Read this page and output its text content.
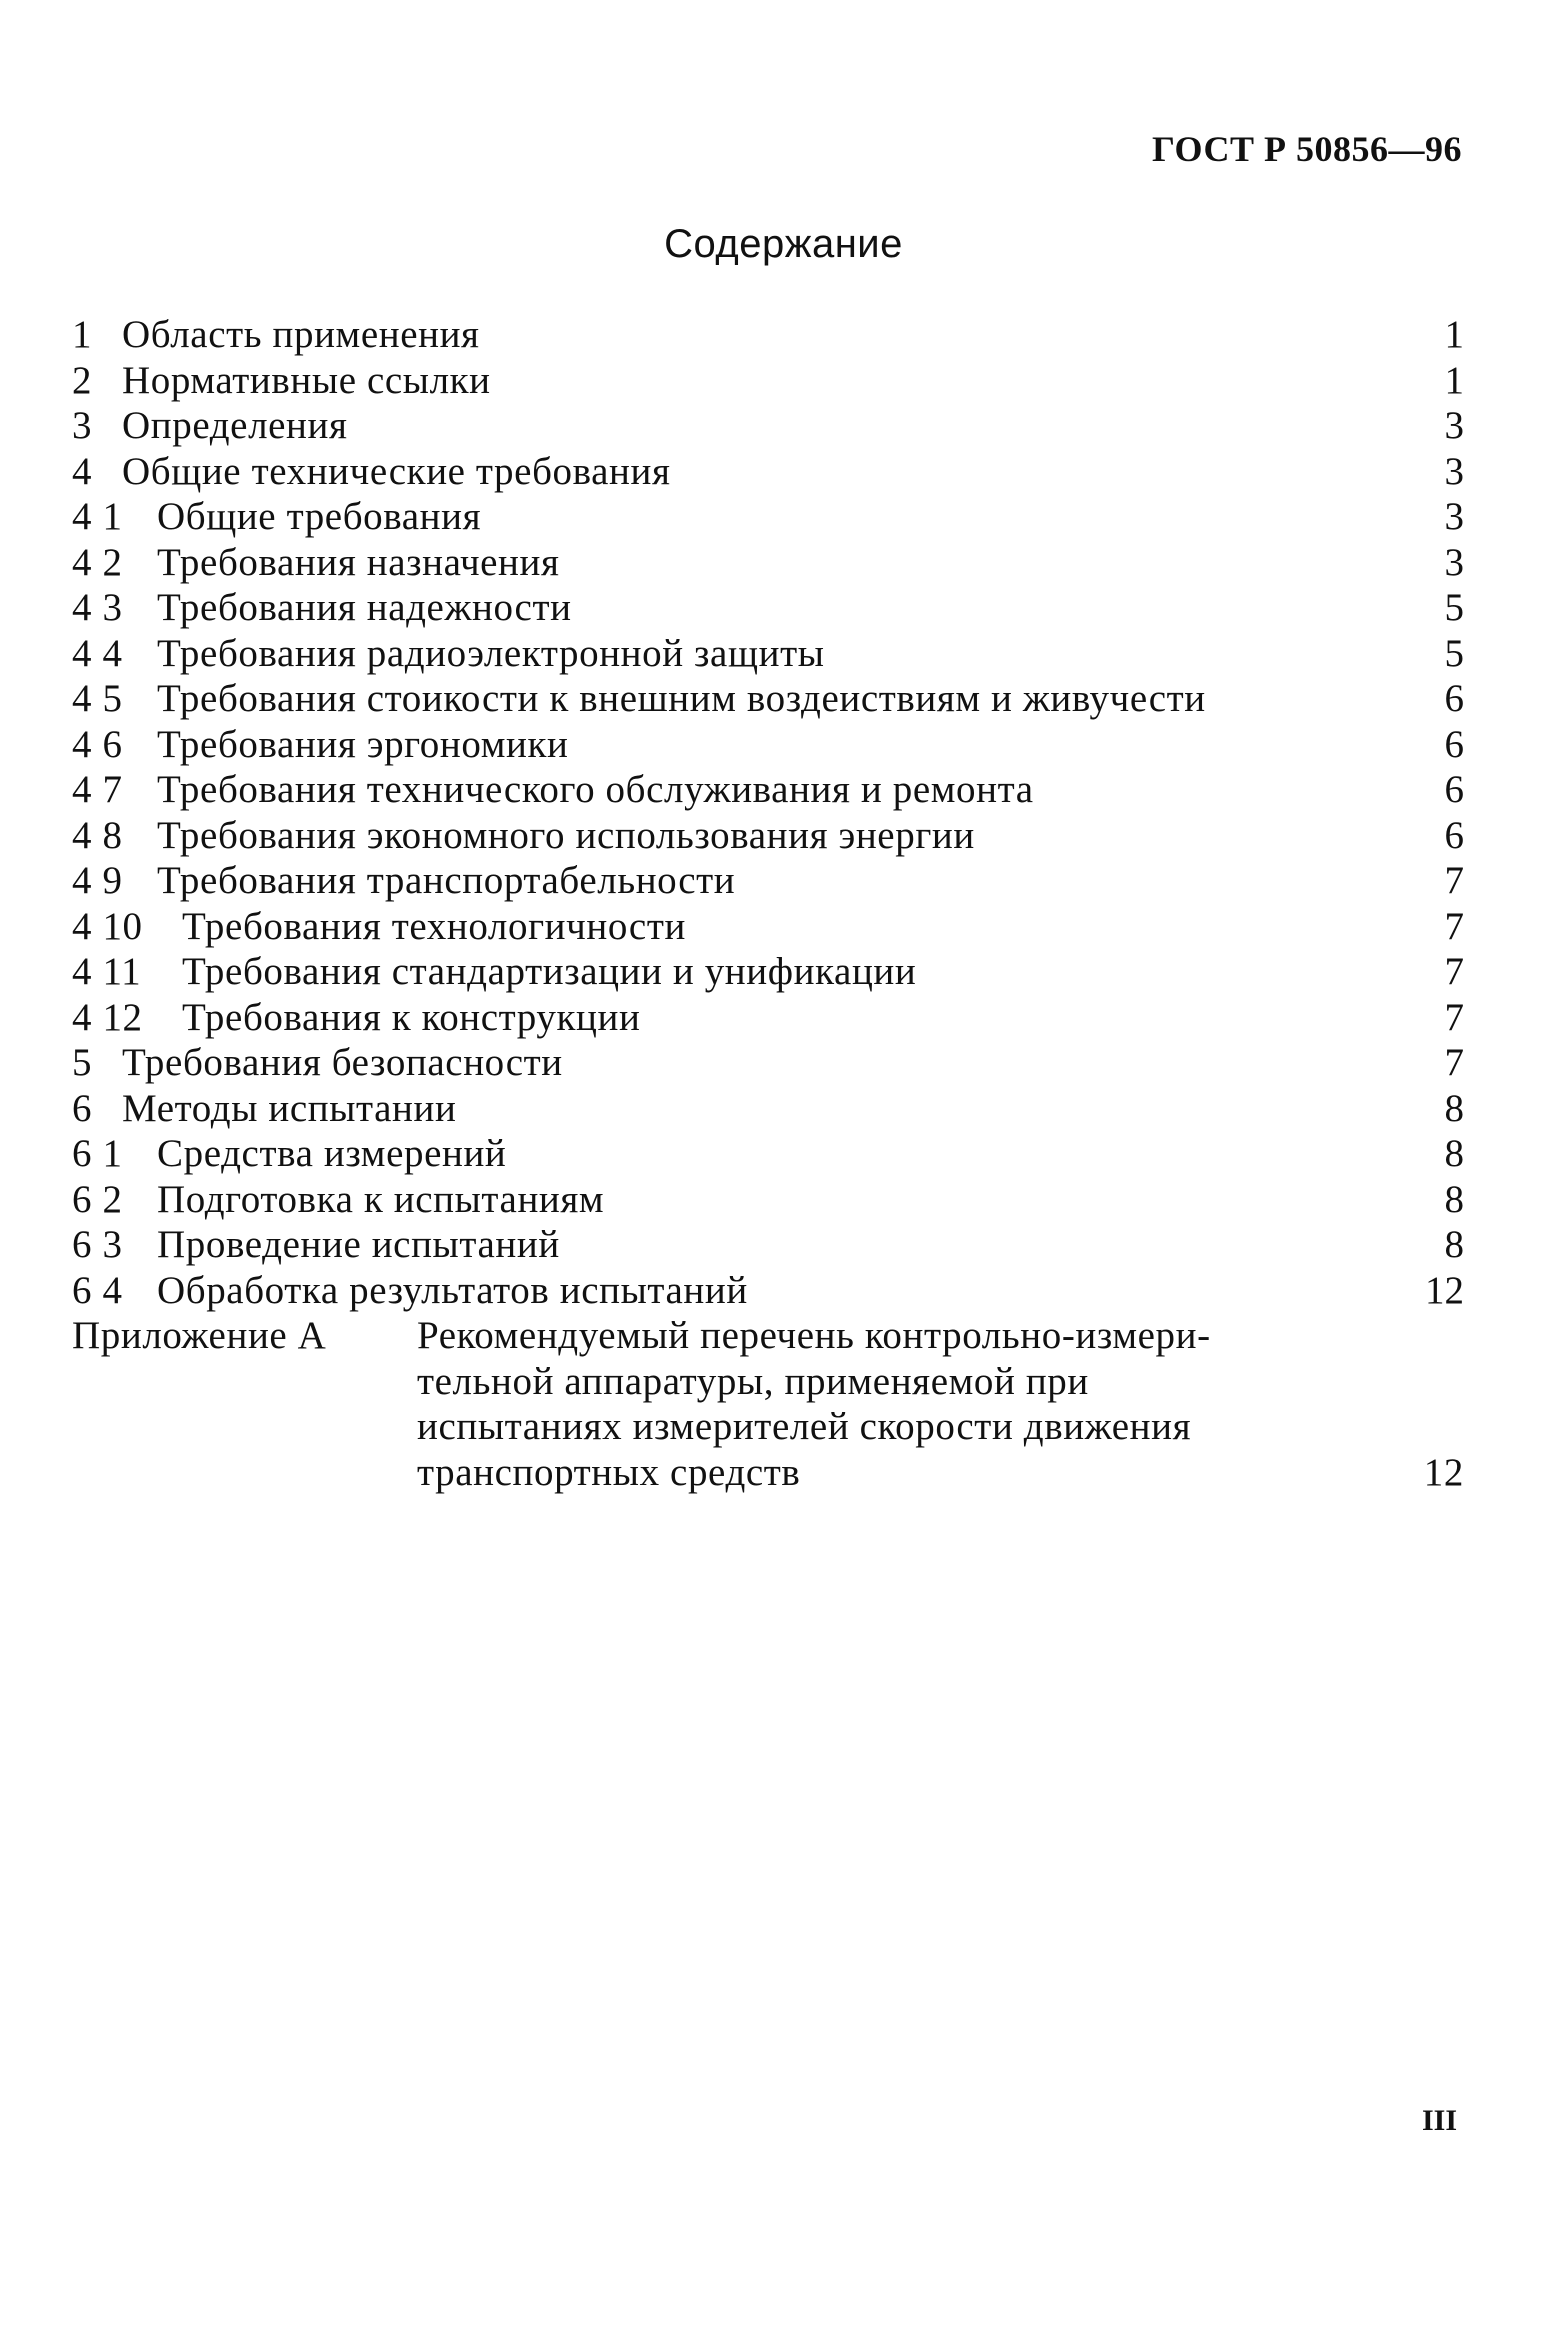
ГОСТ Р 50856—96
Содержание
1 Область применения	1
2 Нормативные ссылки	1
3 Определения	3
4 Общие технические требования	3
4 1 Общие требования	3
4 2 Требования назначения	3
4 3 Требования надежности	5
4 4 Требования радиоэлектронной защиты	5
4 5 Требования стоикости к внешним воздеиствиям и живучести	6
4 6 Требования эргономики	6
4 7 Требования технического обслуживания и ремонта	6
4 8 Требования экономного использования энергии	6
4 9 Требования транспортабельности	7
4 10	Требования технологичности	7
4 11	Требования стандартизации и унификации	7
4 12	Требования к конструкции	7
5 Требования безопасности	7
6 Методы испытании	8
6 1 Средства измерений	8
6 2 Подготовка к испытаниям	8
6 3 Проведение испытаний	8
6 4 Обработка результатов испытаний	12
Приложение А	Рекомендуемый перечень контрольно-измери-
тельной аппаратуры, применяемой при
испытаниях измерителей скорости движения
транспортных средств	12
III
